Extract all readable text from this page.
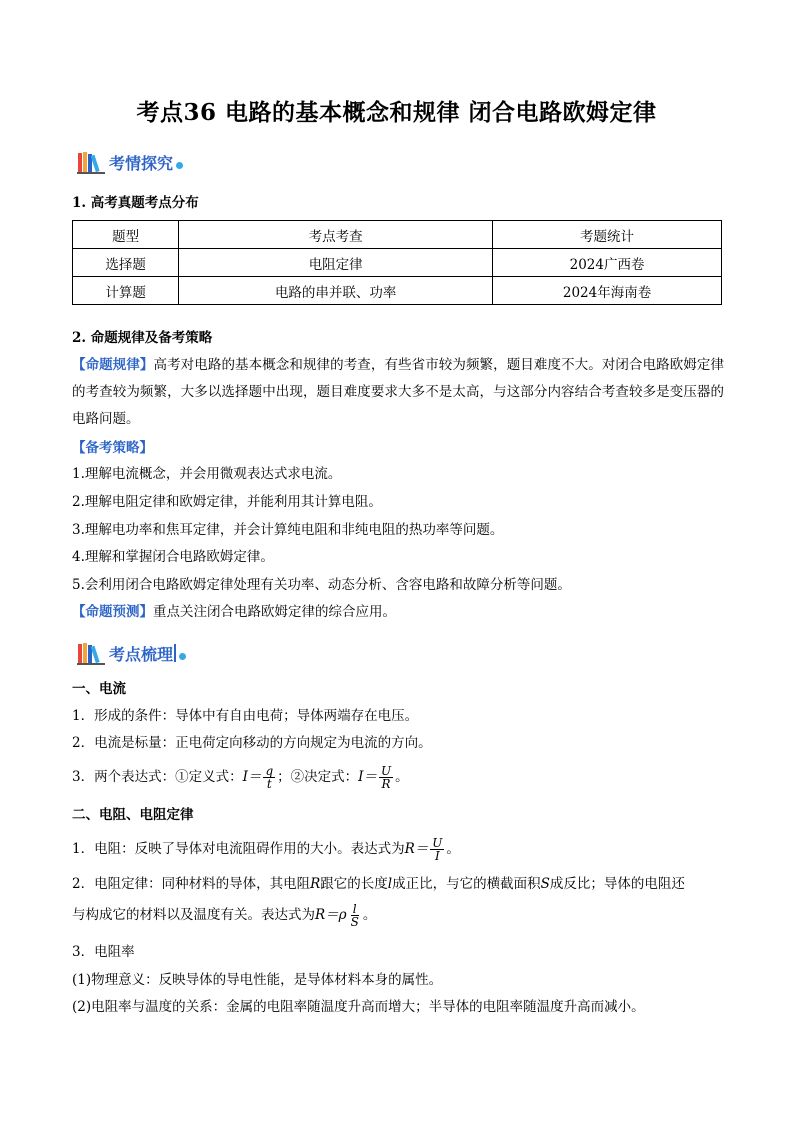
考点36 电路的基本概念和规律 闭合电路欧姆定律
考情探究
1. 高考真题考点分布
题型	考点考查	考题统计
选择题	电阻定律	2024广西卷
计算题	电路的串并联、功率	2024年海南卷
2. 命题规律及备考策略
【命题规律】高考对电路的基本概念和规律的考查，有些省市较为频繁，题目难度不大。对闭合电路欧姆定律的考查较为频繁，大多以选择题中出现，题目难度要求大多不是太高，与这部分内容结合考查较多是变压器的电路问题。
【备考策略】
1.理解电流概念，并会用微观表达式求电流。
2.理解电阻定律和欧姆定律，并能利用其计算电阻。
3.理解电功率和焦耳定律，并会计算纯电阻和非纯电阻的热功率等问题。
4.理解和掌握闭合电路欧姆定律。
5.会利用闭合电路欧姆定律处理有关功率、动态分析、含容电路和故障分析等问题。
【命题预测】重点关注闭合电路欧姆定律的综合应用。
考点梳理
一、电流
1．形成的条件：导体中有自由电荷；导体两端存在电压。
2．电流是标量：正电荷定向移动的方向规定为电流的方向。
3．两个表达式：①定义式：$I= \frac{q}{t}$ ；②决定式：$I= \frac{U}{R}$ 。
二、电阻、电阻定律
1．电阻：反映了导体对电流阻碍作用的大小。表达式为$R= \frac{U}{I}$ 。
2．电阻定律：同种材料的导体，其电阻R跟它的长度l成正比，与它的横截面积S成反比；导体的电阻还
与构成它的材料以及温度有关。表达式为$R=\rho \frac{l}{S}$ 。
3．电阻率
(1)物理意义：反映导体的导电性能，是导体材料本身的属性。
(2)电阻率与温度的关系：金属的电阻率随温度升高而增大；半导体的电阻率随温度升高而减小。
